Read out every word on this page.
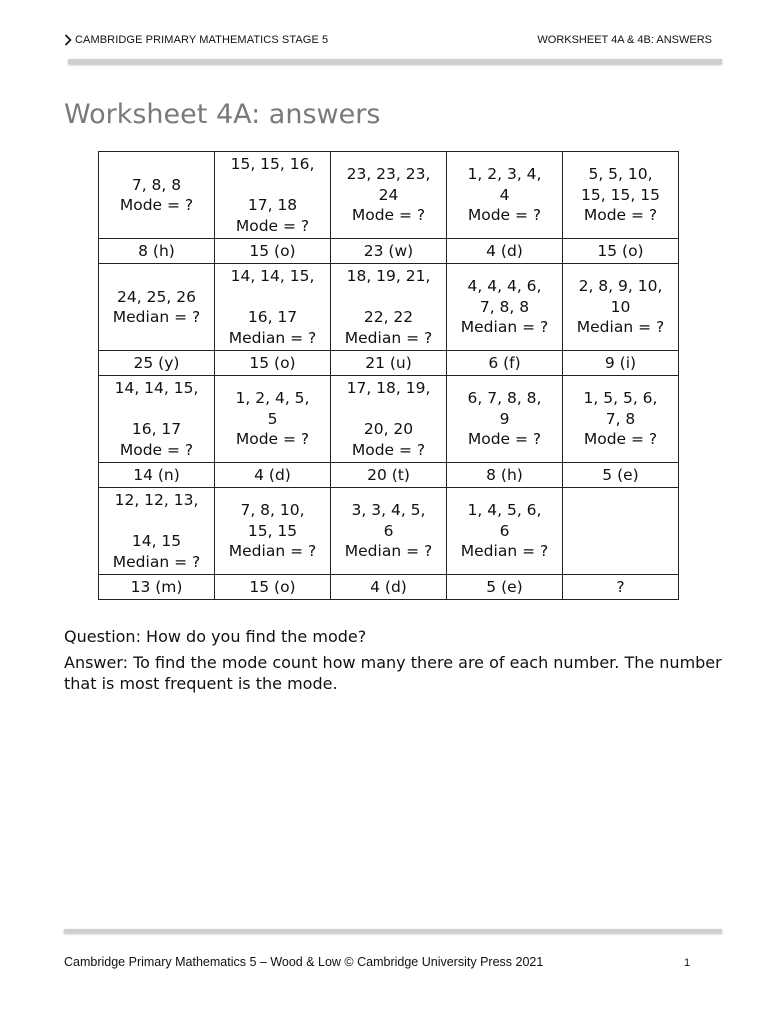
CAMBRIDGE PRIMARY MATHEMATICS STAGE 5	WORKSHEET 4A & 4B: ANSWERS
Worksheet 4A: answers
7, 8, 8
Mode = ?	15, 15, 16,

17, 18
Mode = ?	23, 23, 23,
24
Mode = ?	1, 2, 3, 4,
4
Mode = ?	5, 5, 10,
15, 15, 15
Mode = ?

8 (h)	15 (o)	23 (w)	4 (d)	15 (o)

24, 25, 26
Median = ?	14, 14, 15,

16, 17
Median = ?	18, 19, 21,

22, 22
Median = ?	4, 4, 4, 6,
7, 8, 8
Median = ?	2, 8, 9, 10,
10
Median = ?

25 (y)	15 (o)	21 (u)	6 (f)	9 (i)

14, 14, 15,

16, 17
Mode = ?	1, 2, 4, 5,
5
Mode = ?	17, 18, 19,

20, 20
Mode = ?	6, 7, 8, 8,
9
Mode = ?	1, 5, 5, 6,
7, 8
Mode = ?

14 (n)	4 (d)	20 (t)	8 (h)	5 (e)

12, 12, 13,

14, 15
Median = ?	7, 8, 10,
15, 15
Median = ?	3, 3, 4, 5,
6
Median = ?	1, 4, 5, 6,
6
Median = ?	

13 (m)	15 (o)	4 (d)	5 (e)	?

Question: How do you find the mode?

Answer: To find the mode count how many there are of each number. The number that is most frequent is the mode.

Cambridge Primary Mathematics 5 – Wood & Low © Cambridge University Press 2021	1
